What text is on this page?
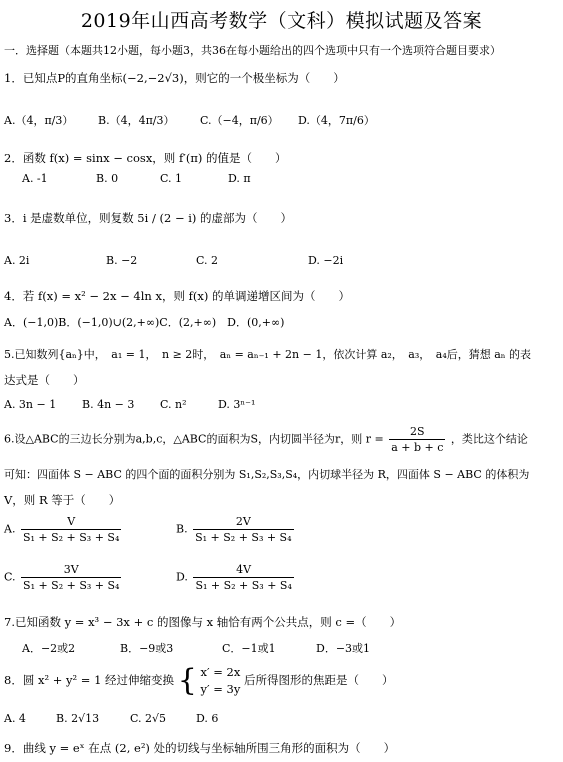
2019年山西高考数学（文科）模拟试题及答案
一．选择题（本题共12小题，每小题3，共36在每小题给出的四个选项中只有一个选项符合题目要求）
1．已知点P的直角坐标(−2,−2√3)，则它的一个极坐标为（　　）
A.（4，π/3） B.（4，4π/3） C.（−4，π/6） D.（4，7π/6）
2．函数 f(x) = sinx − cosx，则 f′(π) 的值是（　　）
A. -1	B. 0	C. 1	D. π
3．i 是虚数单位，则复数 5i / (2 − i) 的虚部为（　　）
A. 2i	B. −2	C. 2	D. −2i
4．若 f(x) = x² − 2x − 4ln x，则 f(x) 的单调递增区间为（　　）
A．(−1,0)B．(−1,0)∪(2,+∞)C．(2,+∞)　D．(0,+∞)
5.已知数列{aₙ}中，　a₁ = 1，　n ≥ 2时，　aₙ = aₙ₋₁ + 2n − 1，依次计算 a₂，　a₃，　a₄后，猜想 aₙ 的表
达式是（　　）
A. 3n − 1 B. 4n − 3 C. n²	D. 3ⁿ⁻¹
6.设△ABC的三边长分别为a,b,c，△ABC的面积为S，内切圆半径为r，则 $r = \frac{2S}{a + b + c}$ ，类比这个结论
可知：四面体 S − ABC 的四个面的面积分别为 S₁,S₂,S₃,S₄，内切球半径为 R，四面体 S − ABC 的体积为
V，则 R 等于（　　）
A. $\frac{V}{\text{S₁ + S₂ + S₃ + S₄}}$	B. $\frac{2V}{\text{S₁ + S₂ + S₃ + S₄}}$
C. $\frac{3V}{\text{S₁ + S₂ + S₃ + S₄}}$	D. $\frac{4V}{\text{S₁ + S₂ + S₃ + S₄}}$
7.已知函数 y = x³ − 3x + c 的图像与 x 轴恰有两个公共点，则 c =（　　）
A．−2或2	B．−9或3	C．−1或1	D．−3或1
8．圆 x² + y² = 1 经过伸缩变换 { x′ = 2x
y′ = 3y
后所得图形的焦距是（　　）
A. 4	B. 2√13	C. 2√5	D. 6
9．曲线 y = eˣ 在点 (2, e²) 处的切线与坐标轴所围三角形的面积为（　　）
